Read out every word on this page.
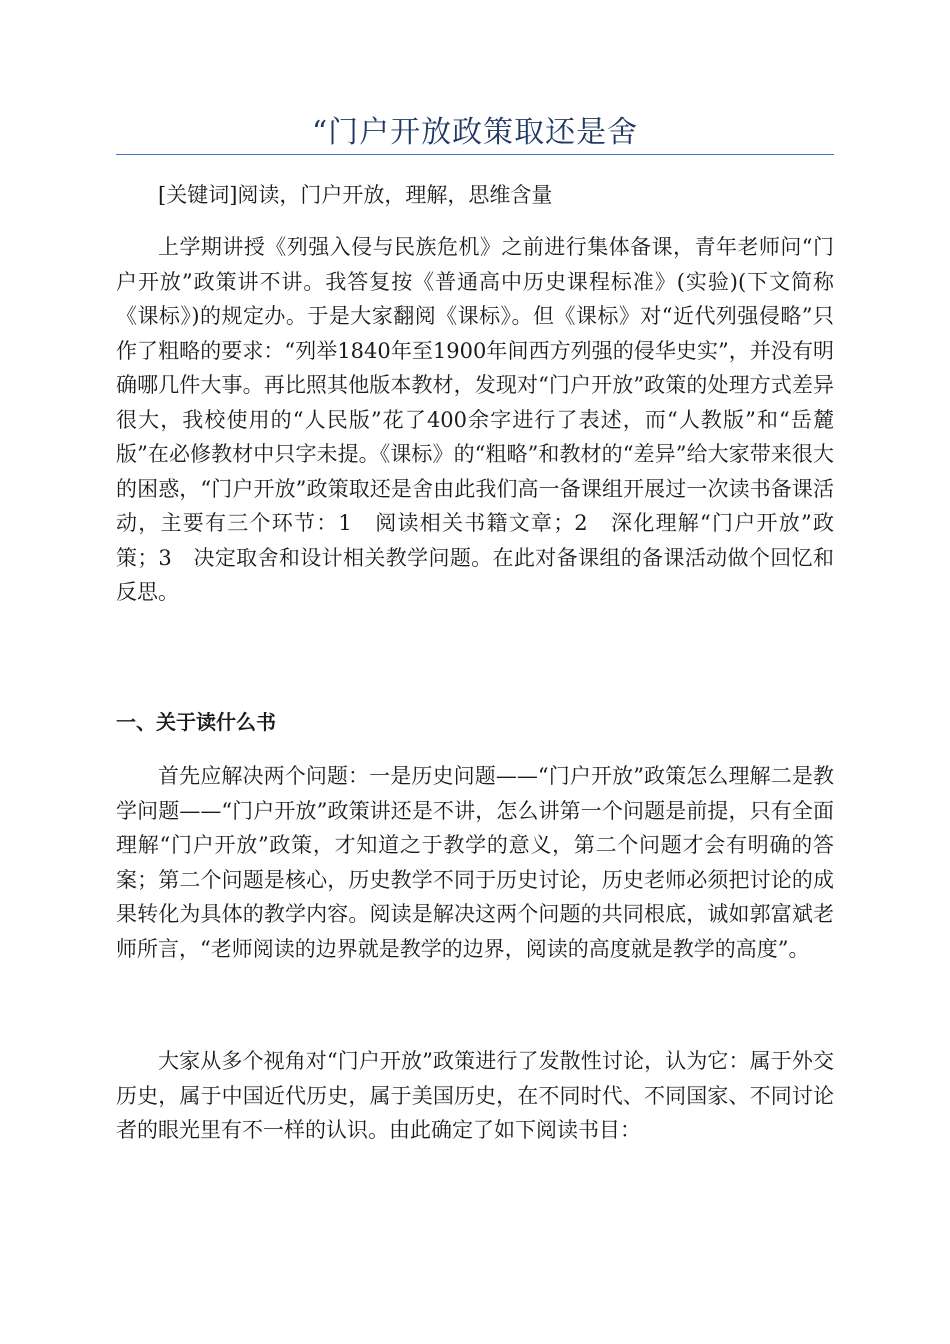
“门户开放政策取还是舍

[关键词]阅读，门户开放，理解，思维含量

上学期讲授《列强入侵与民族危机》之前进行集体备课，青年老师问“门户开放”政策讲不讲。我答复按《普通高中历史课程标准》(实验)(下文简称《课标》)的规定办。于是大家翻阅《课标》。但《课标》对“近代列强侵略”只作了粗略的要求：“列举1840年至1900年间西方列强的侵华史实”，并没有明确哪几件大事。再比照其他版本教材，发现对“门户开放”政策的处理方式差异很大，我校使用的“人民版”花了400余字进行了表述，而“人教版”和“岳麓版”在必修教材中只字未提。《课标》的“粗略”和教材的“差异”给大家带来很大的困惑，“门户开放”政策取还是舍由此我们高一备课组开展过一次读书备课活动，主要有三个环节：1　阅读相关书籍文章；2　深化理解“门户开放”政策；3　决定取舍和设计相关教学问题。在此对备课组的备课活动做个回忆和反思。

一、关于读什么书

首先应解决两个问题：一是历史问题——“门户开放”政策怎么理解二是教学问题——“门户开放”政策讲还是不讲，怎么讲第一个问题是前提，只有全面理解“门户开放”政策，才知道之于教学的意义，第二个问题才会有明确的答案；第二个问题是核心，历史教学不同于历史讨论，历史老师必须把讨论的成果转化为具体的教学内容。阅读是解决这两个问题的共同根底，诚如郭富斌老师所言，“老师阅读的边界就是教学的边界，阅读的高度就是教学的高度”。

大家从多个视角对“门户开放”政策进行了发散性讨论，认为它：属于外交历史，属于中国近代历史，属于美国历史，在不同时代、不同国家、不同讨论者的眼光里有不一样的认识。由此确定了如下阅读书目：
